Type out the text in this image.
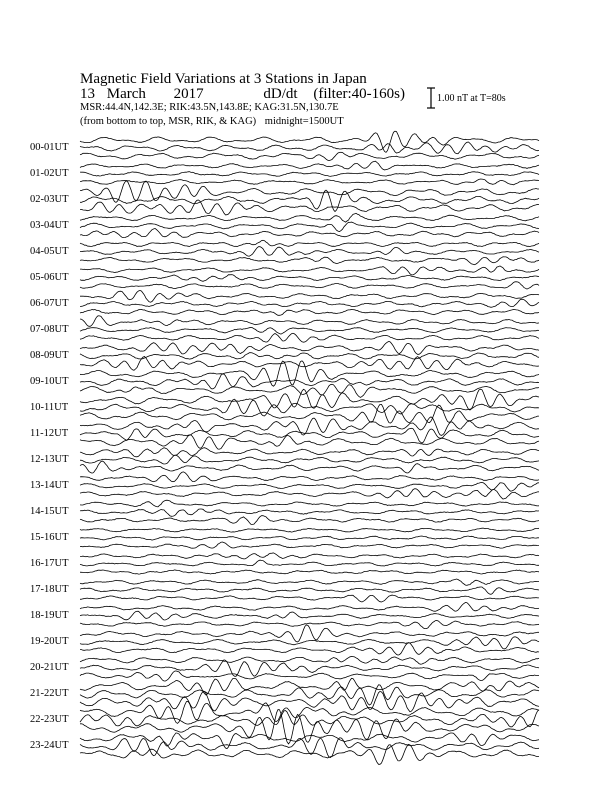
Magnetic Field Variations at 3 Stations in Japan
13 March 2017	dD/dt (filter:40-160s)
MSR:44.4N,142.3E; RIK:43.5N,143.8E; KAG:31.5N,130.7E
(from bottom to top, MSR, RIK, & KAG) midnight=1500UT
1.00 nT at T=80s
00-01UT
01-02UT
02-03UT
03-04UT
04-05UT
05-06UT
06-07UT
07-08UT
08-09UT
09-10UT
10-11UT
11-12UT
12-13UT
13-14UT
14-15UT
15-16UT
16-17UT
17-18UT
18-19UT
19-20UT
20-21UT
21-22UT
22-23UT
23-24UT
